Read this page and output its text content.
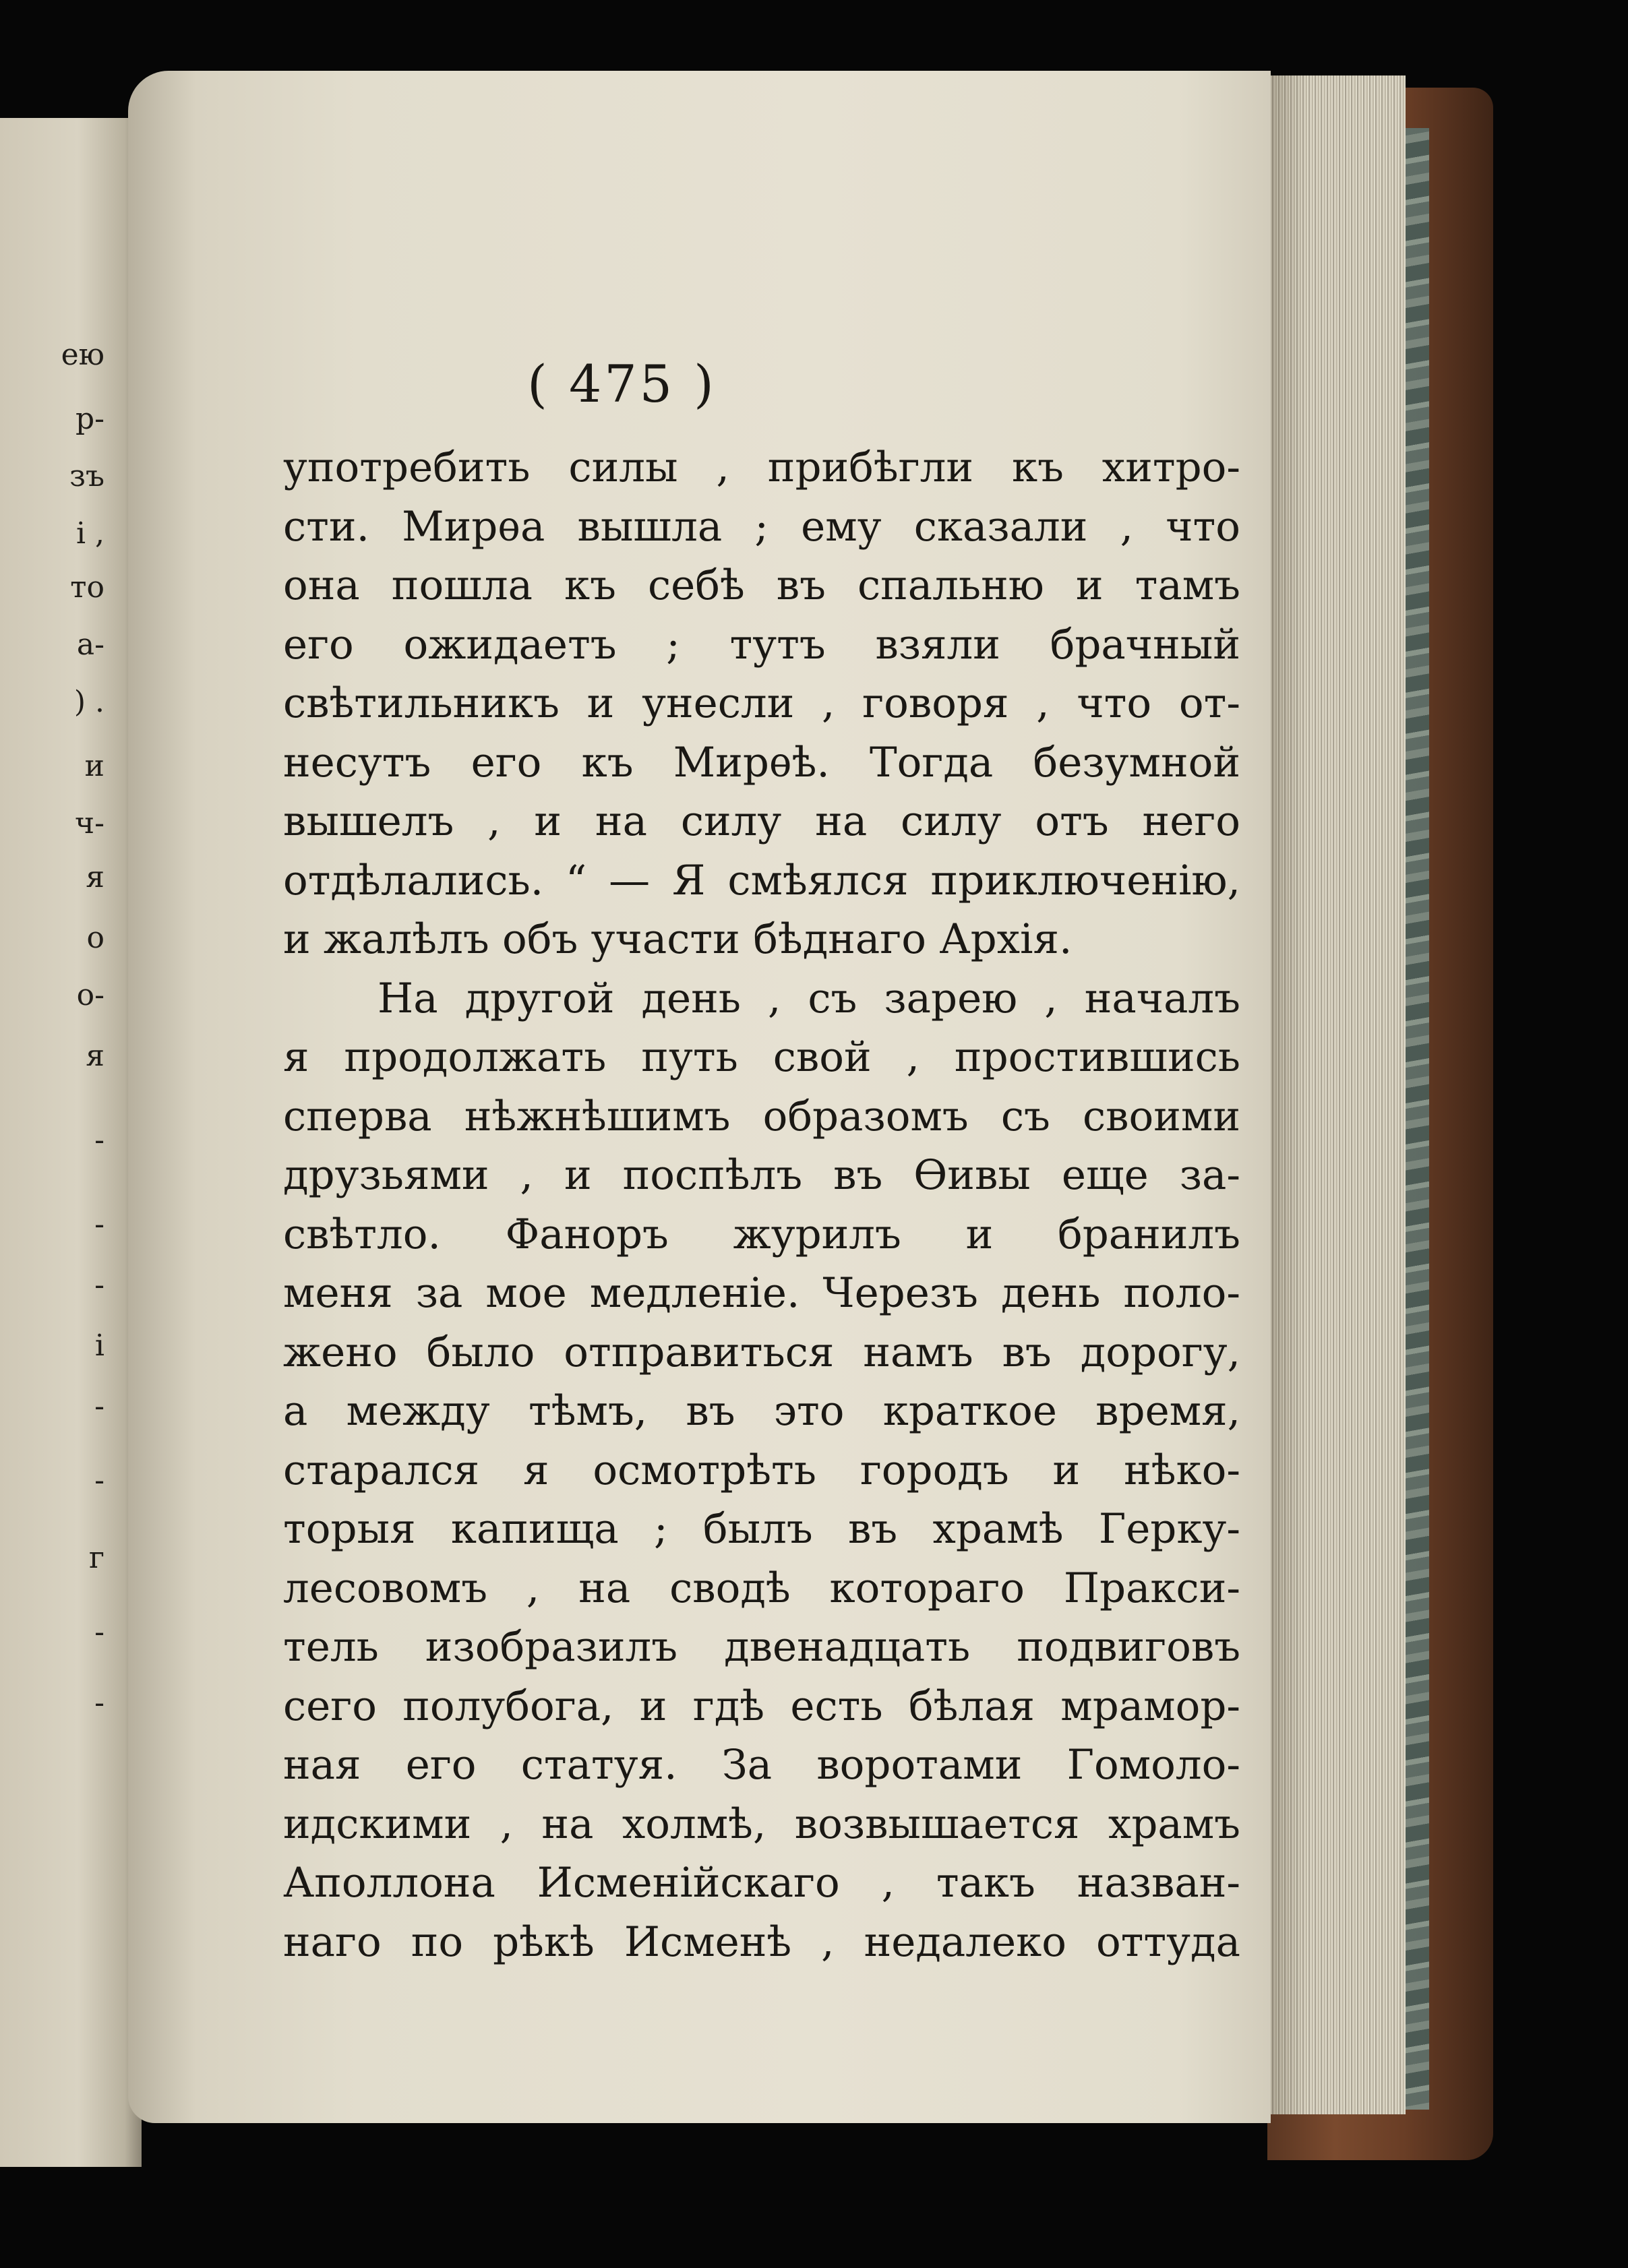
ею
р-
зъ
і ,
то
а-
) .
и
ч-
я
о
о-
я
-
-
-
і
-
-
г
-
-
( 475 )
употребить силы , прибѣгли къ хитро-
сти. Мирѳа вышла ; ему сказали , что
она пошла къ себѣ въ спальню и тамъ
его ожидаетъ ; тутъ взяли брачный
свѣтильникъ и унесли , говоря , что от-
несутъ его къ Мирѳѣ. Тогда безумной
вышелъ , и на силу на силу отъ него
отдѣлались. “ — Я смѣялся приключенію,
и жалѣлъ объ участи бѣднаго Архія.
На другой день , съ зарею , началъ
я продолжать путь свой , простившись
сперва нѣжнѣшимъ образомъ съ своими
друзьями , и поспѣлъ въ Ѳивы еще за-
свѣтло. Фаноръ журилъ и бранилъ
меня за мое медленіе. Черезъ день поло-
жено было отправиться намъ въ дорогу,
а между тѣмъ, въ это краткое время,
старался я осмотрѣть городъ и нѣко-
торыя капища ; былъ въ храмѣ Герку-
лесовомъ , на сводѣ котораго Пракси-
тель изобразилъ двенадцать подвиговъ
сего полубога, и гдѣ есть бѣлая мрамор-
ная его статуя. За воротами Гомоло-
идскими , на холмѣ, возвышается храмъ
Аполлона Исменійскаго , такъ назван-
наго по рѣкѣ Исменѣ , недалеко оттуда
